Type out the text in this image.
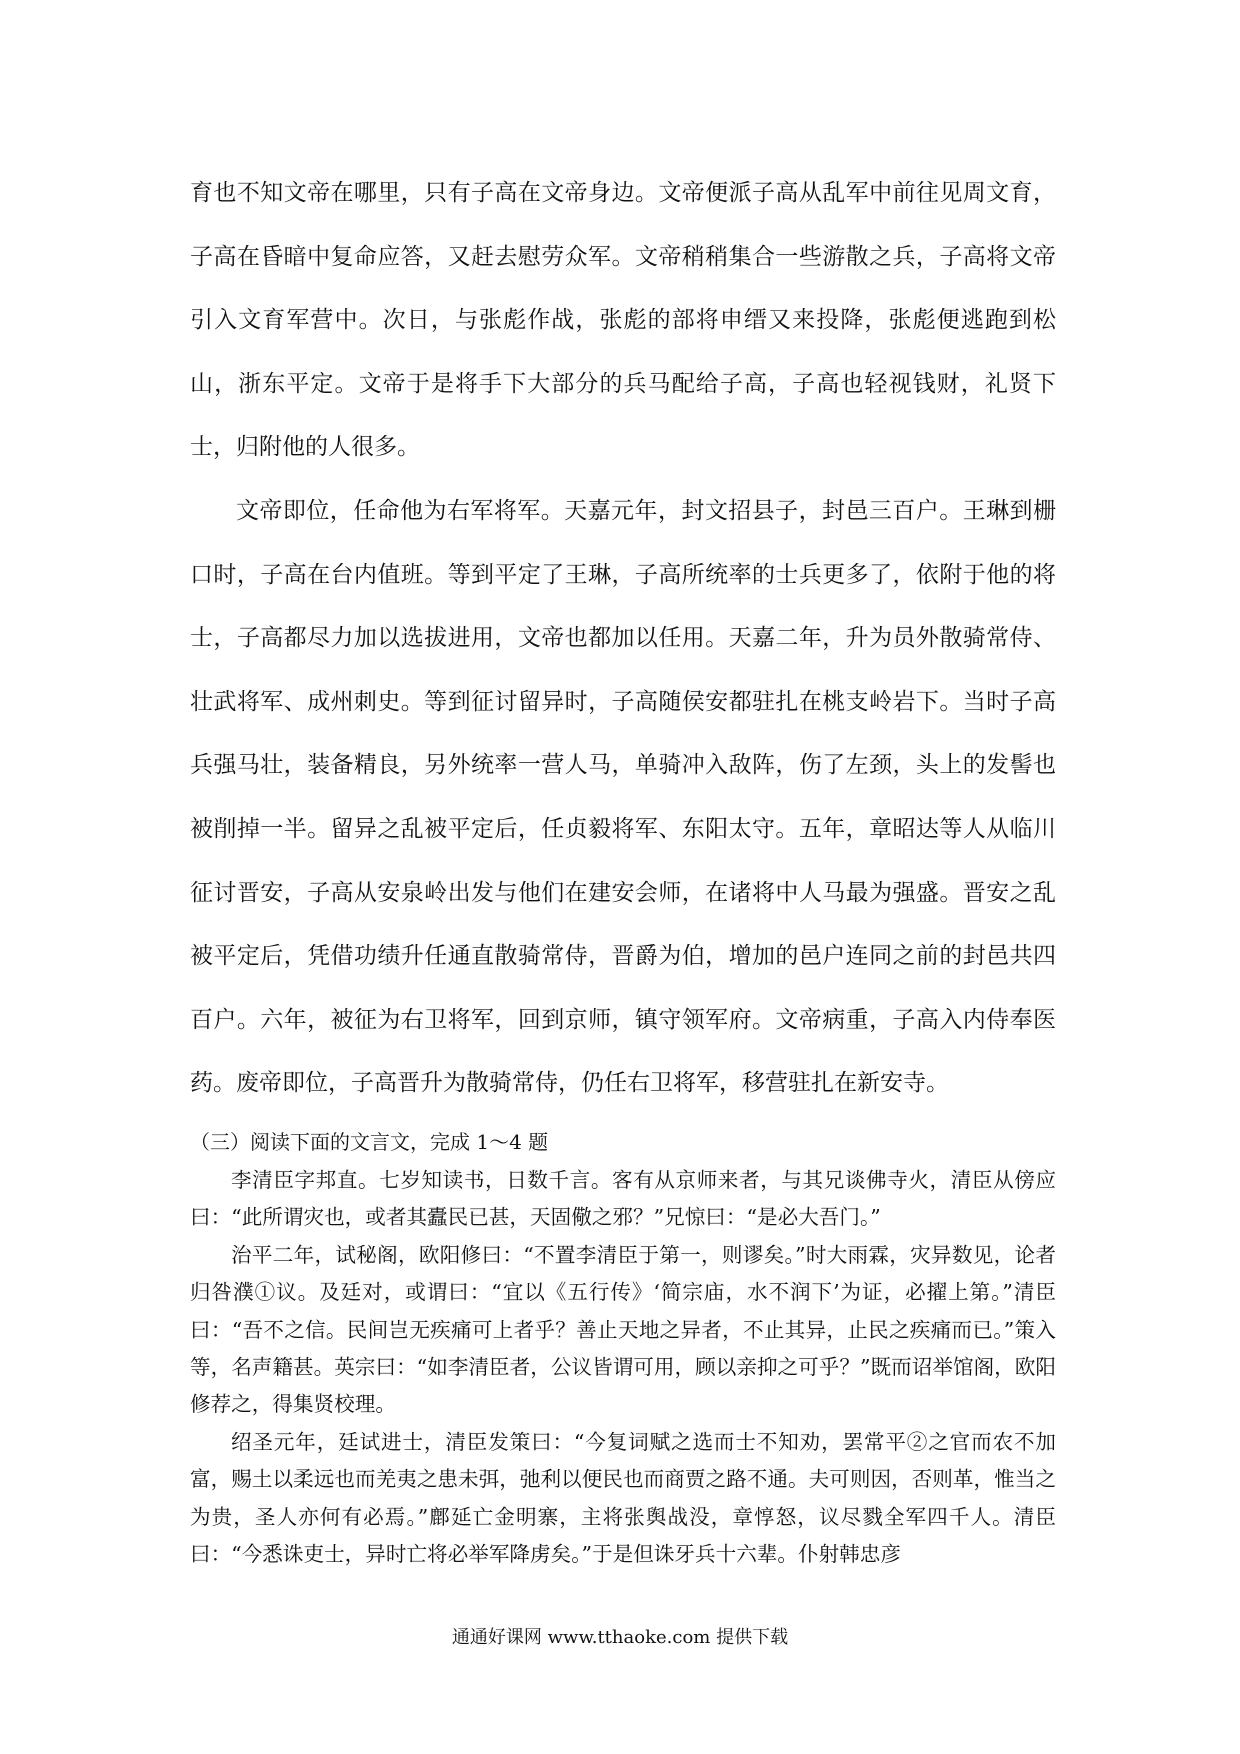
育也不知文帝在哪里，只有子高在文帝身边。文帝便派子高从乱军中前往见周文育，子高在昏暗中复命应答，又赶去慰劳众军。文帝稍稍集合一些游散之兵，子高将文帝引入文育军营中。次日，与张彪作战，张彪的部将申缙又来投降，张彪便逃跑到松山，浙东平定。文帝于是将手下大部分的兵马配给子高，子高也轻视钱财，礼贤下士，归附他的人很多。

文帝即位，任命他为右军将军。天嘉元年，封文招县子，封邑三百户。王琳到栅口时，子高在台内值班。等到平定了王琳，子高所统率的士兵更多了，依附于他的将士，子高都尽力加以选拔进用，文帝也都加以任用。天嘉二年，升为员外散骑常侍、壮武将军、成州刺史。等到征讨留异时，子高随侯安都驻扎在桃支岭岩下。当时子高兵强马壮，装备精良，另外统率一营人马，单骑冲入敌阵，伤了左颈，头上的发髻也被削掉一半。留异之乱被平定后，任贞毅将军、东阳太守。五年，章昭达等人从临川征讨晋安，子高从安泉岭出发与他们在建安会师，在诸将中人马最为强盛。晋安之乱被平定后，凭借功绩升任通直散骑常侍，晋爵为伯，增加的邑户连同之前的封邑共四百户。六年，被征为右卫将军，回到京师，镇守领军府。文帝病重，子高入内侍奉医药。废帝即位，子高晋升为散骑常侍，仍任右卫将军，移营驻扎在新安寺。

（三）阅读下面的文言文，完成 1～4 题

李清臣字邦直。七岁知读书，日数千言。客有从京师来者，与其兄谈佛寺火，清臣从傍应曰：“此所谓灾也，或者其蠹民已甚，天固儆之邪？”兄惊曰：“是必大吾门。”

治平二年，试秘阁，欧阳修曰：“不置李清臣于第一，则谬矣。”时大雨霖，灾异数见，论者归咎濮①议。及廷对，或谓曰：“宜以《五行传》‘简宗庙，水不润下’为证，必擢上第。”清臣曰：“吾不之信。民间岂无疾痛可上者乎？善止天地之异者，不止其异，止民之疾痛而已。”策入等，名声籍甚。英宗曰：“如李清臣者，公议皆谓可用，顾以亲抑之可乎？”既而诏举馆阁，欧阳修荐之，得集贤校理。

绍圣元年，廷试进士，清臣发策曰：“今复词赋之选而士不知劝，罢常平②之官而农不加富，赐土以柔远也而羌夷之患未弭，弛利以便民也而商贾之路不通。夫可则因，否则革，惟当之为贵，圣人亦何有必焉。”鄜延亡金明寨，主将张舆战没，章惇怒，议尽戮全军四千人。清臣曰：“今悉诛吏士，异时亡将必举军降虏矣。”于是但诛牙兵十六辈。仆射韩忠彦

通通好课网 www.tthaoke.com 提供下载
